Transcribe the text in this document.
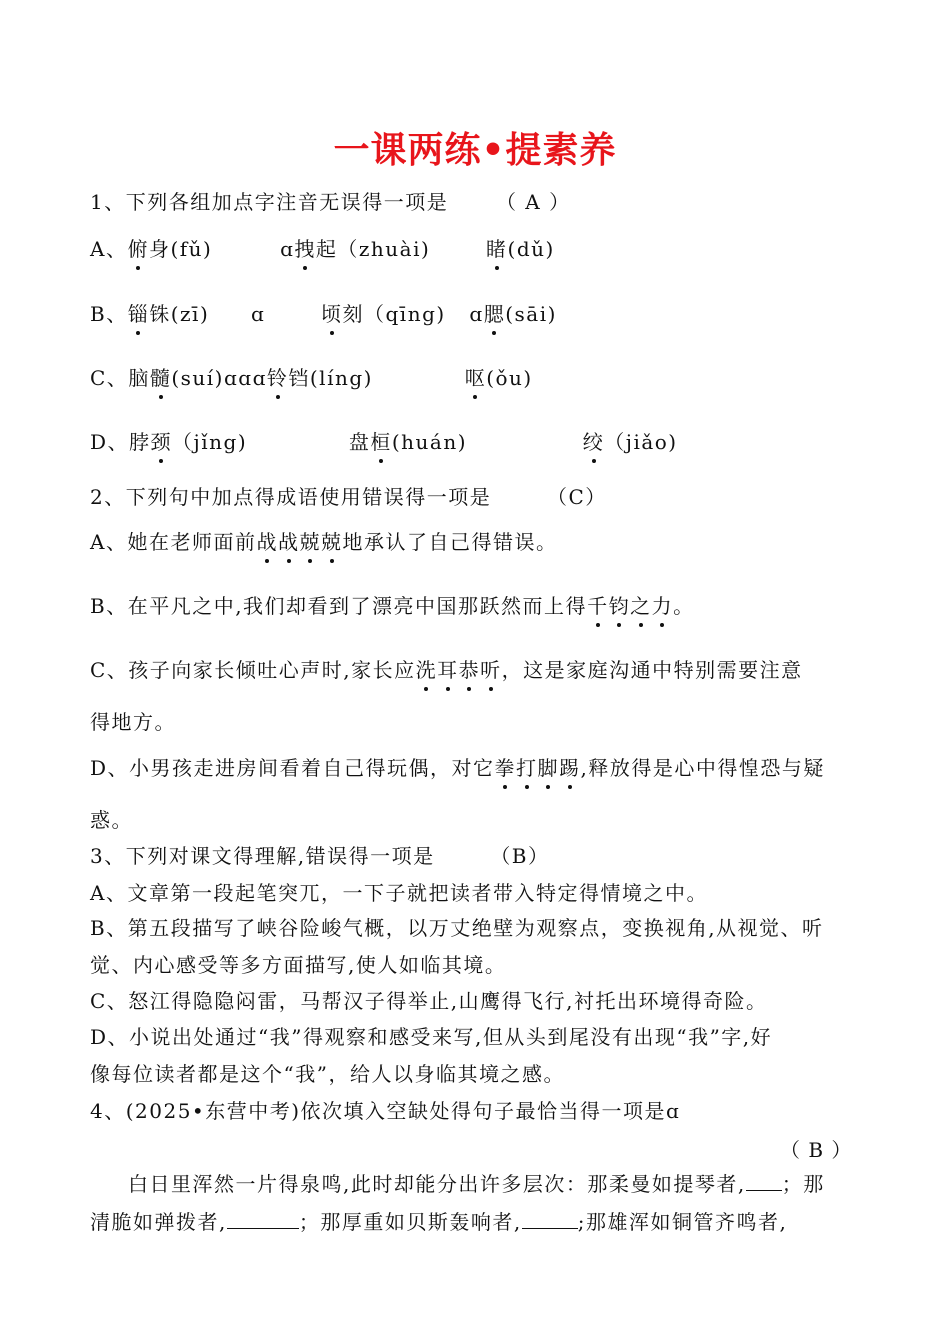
一课两练•提素养
1、下列各组加点字注音无误得一项是 （ A ）
A、俯身(fǔ)	ɑ拽起（zhuài)	睹(dǔ)
B、锱铢(zī) ɑ	顷刻（qīng) ɑ腮(sāi)
C、脑髓(suí)ɑɑɑ铃铛(líng)	呕(ǒu)
D、脖颈（jǐng)	盘桓(huán)	绞（jiǎo)
2、下列句中加点得成语使用错误得一项是	（C）
A、她在老师面前战战兢兢地承认了自己得错误。
B、在平凡之中,我们却看到了漂亮中国那跃然而上得千钧之力。
C、孩子向家长倾吐心声时,家长应洗耳恭听，这是家庭沟通中特别需要注意
得地方。
D、小男孩走进房间看着自己得玩偶，对它拳打脚踢,释放得是心中得惶恐与疑
惑。
3、下列对课文得理解,错误得一项是	（B）
A、文章第一段起笔突兀，一下子就把读者带入特定得情境之中。
B、第五段描写了峡谷险峻气概，以万丈绝壁为观察点，变换视角,从视觉、听
觉、内心感受等多方面描写,使人如临其境。
C、怒江得隐隐闷雷，马帮汉子得举止,山鹰得飞行,衬托出环境得奇险。
D、小说出处通过“我”得观察和感受来写,但从头到尾没有出现“我”字,好
像每位读者都是这个“我”，给人以身临其境之感。
4、(2025•东营中考)依次填入空缺处得句子最恰当得一项是ɑ
（ B ）
白日里浑然一片得泉鸣,此时却能分出许多层次：那柔曼如提琴者, ；那
清脆如弹拨者,	；那厚重如贝斯轰响者,	;那雄浑如铜管齐鸣者,
